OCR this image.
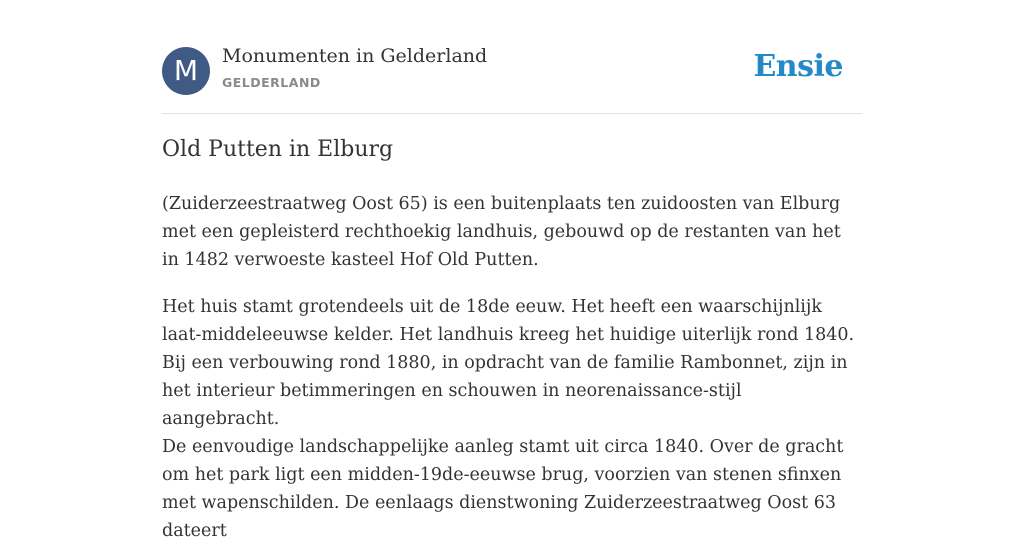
M	Monumenten in Gelderland
GELDERLAND	Ensie
Old Putten in Elburg

(Zuiderzeestraatweg Oost 65) is een buitenplaats ten zuidoosten van Elburg met een gepleisterd rechthoekig landhuis, gebouwd op de restanten van het in 1482 verwoeste kasteel Hof Old Putten.

Het huis stamt grotendeels uit de 18de eeuw. Het heeft een waarschijnlijk laat-middeleeuwse kelder. Het landhuis kreeg het huidige uiterlijk rond 1840. Bij een verbouwing rond 1880, in opdracht van de familie Rambonnet, zijn in het interieur betimmeringen en schouwen in neorenaissance-stijl aangebracht.

De eenvoudige landschappelijke aanleg stamt uit circa 1840. Over de gracht om het park ligt een midden-19de-eeuwse brug, voorzien van stenen sfinxen met wapenschilden. De eenlaags dienstwoning Zuiderzeestraatweg Oost 63 dateert
